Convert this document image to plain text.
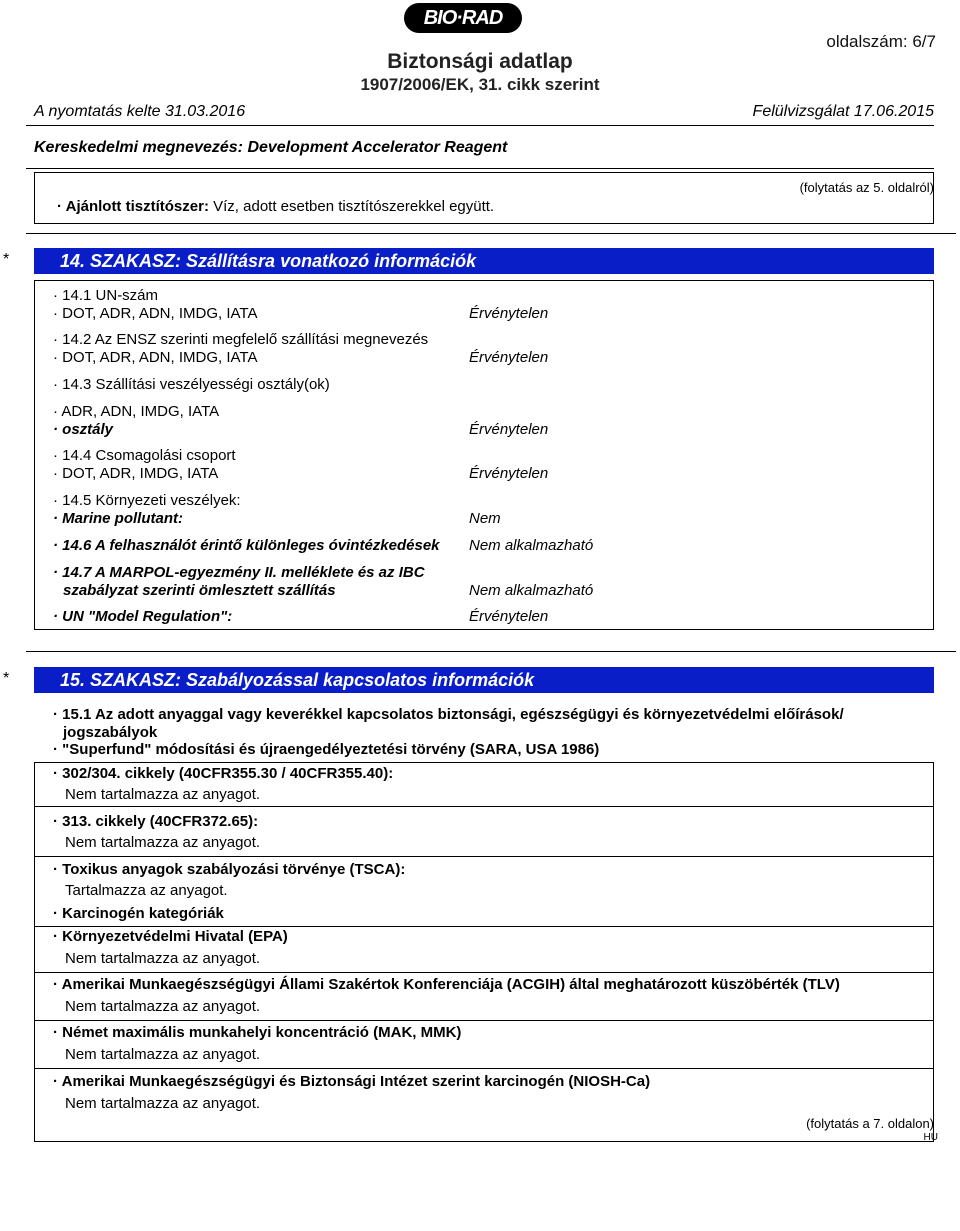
BIO·RAD
oldalszám: 6/7
Biztonsági adatlap
1907/2006/EK, 31. cikk szerint
A nyomtatás kelte 31.03.2016	Felülvizsgálat 17.06.2015
Kereskedelmi megnevezés: Development Accelerator Reagent
(folytatás az 5. oldalról)
· Ajánlott tisztítószer: Víz, adott esetben tisztítószerekkel együtt.
*	14. SZAKASZ: Szállításra vonatkozó információk
· 14.1 UN-szám
· DOT, ADR, ADN, IMDG, IATA	Érvénytelen
· 14.2 Az ENSZ szerinti megfelelő szállítási megnevezés
· DOT, ADR, ADN, IMDG, IATA	Érvénytelen
· 14.3 Szállítási veszélyességi osztály(ok)
· ADR, ADN, IMDG, IATA
· osztály	Érvénytelen
· 14.4 Csomagolási csoport
· DOT, ADR, IMDG, IATA	Érvénytelen
· 14.5 Környezeti veszélyek:
· Marine pollutant:	Nem
· 14.6 A felhasználót érintő különleges óvintézkedések Nem alkalmazható
· 14.7 A MARPOL-egyezmény II. melléklete és az IBC
szabályzat szerinti ömlesztett szállítás	Nem alkalmazható
· UN "Model Regulation":	Érvénytelen
*	15. SZAKASZ: Szabályozással kapcsolatos információk
· 15.1 Az adott anyaggal vagy keverékkel kapcsolatos biztonsági, egészségügyi és környezetvédelmi előírások/
jogszabályok
· "Superfund" módosítási és újraengedélyeztetési törvény (SARA, USA 1986)
· 302/304. cikkely (40CFR355.30 / 40CFR355.40):
Nem tartalmazza az anyagot.
· 313. cikkely (40CFR372.65):
Nem tartalmazza az anyagot.
· Toxikus anyagok szabályozási törvénye (TSCA):
Tartalmazza az anyagot.
· Karcinogén kategóriák
· Környezetvédelmi Hivatal (EPA)
Nem tartalmazza az anyagot.
· Amerikai Munkaegészségügyi Állami Szakértok Konferenciája (ACGIH) által meghatározott küszöbérték (TLV)
Nem tartalmazza az anyagot.
· Német maximális munkahelyi koncentráció (MAK, MMK)
Nem tartalmazza az anyagot.
· Amerikai Munkaegészségügyi és Biztonsági Intézet szerint karcinogén (NIOSH-Ca)
Nem tartalmazza az anyagot.
(folytatás a 7. oldalon)
HU
